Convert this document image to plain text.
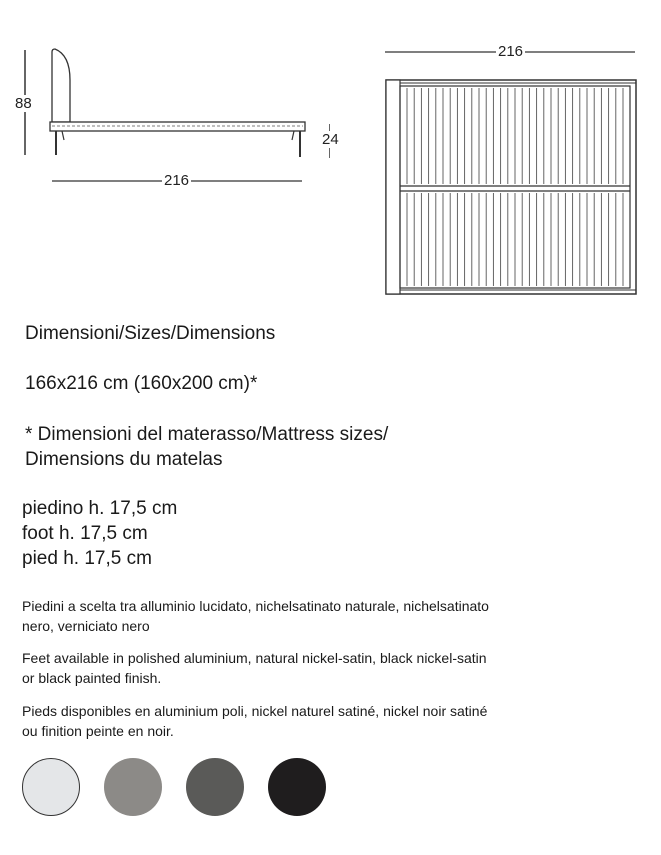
88
24
216
216
Dimensioni/Sizes/Dimensions
166x216 cm (160x200 cm)*
* Dimensioni del materasso/Mattress sizes/
Dimensions du matelas
piedino h. 17,5 cm
foot h. 17,5 cm
pied h. 17,5 cm
Piedini a scelta tra alluminio lucidato, nichelsatinato naturale, nichelsatinato
nero, verniciato nero
Feet available in polished aluminium, natural nickel-satin, black nickel-satin
or black painted finish.
Pieds disponibles en aluminium poli, nickel naturel satiné, nickel noir satiné
ou finition peinte en noir.
